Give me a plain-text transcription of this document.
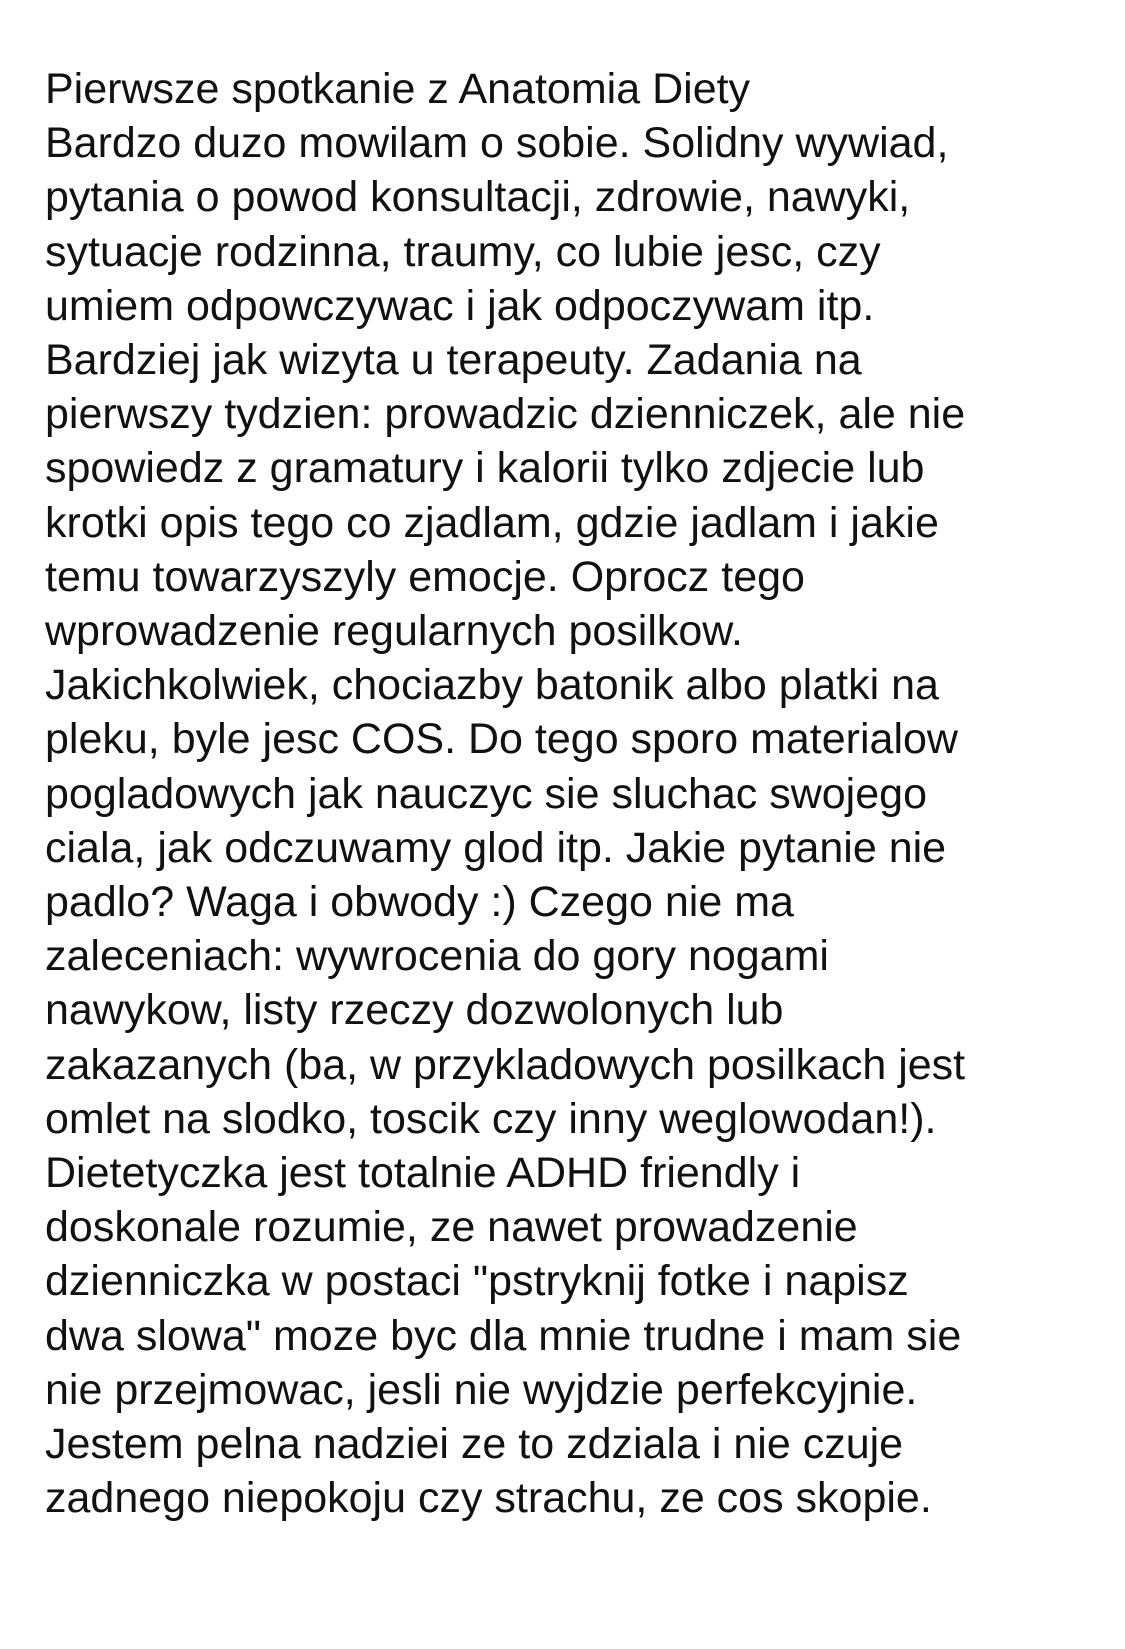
Pierwsze spotkanie z Anatomia Diety
Bardzo duzo mowilam o sobie. Solidny wywiad,
pytania o powod konsultacji, zdrowie, nawyki,
sytuacje rodzinna, traumy, co lubie jesc, czy
umiem odpowczywac i jak odpoczywam itp.
Bardziej jak wizyta u terapeuty. Zadania na
pierwszy tydzien: prowadzic dzienniczek, ale nie
spowiedz z gramatury i kalorii tylko zdjecie lub
krotki opis tego co zjadlam, gdzie jadlam i jakie
temu towarzyszyly emocje. Oprocz tego
wprowadzenie regularnych posilkow.
Jakichkolwiek, chociazby batonik albo platki na
pleku, byle jesc COS. Do tego sporo materialow
pogladowych jak nauczyc sie sluchac swojego
ciala, jak odczuwamy glod itp. Jakie pytanie nie
padlo? Waga i obwody :) Czego nie ma
zaleceniach: wywrocenia do gory nogami
nawykow, listy rzeczy dozwolonych lub
zakazanych (ba, w przykladowych posilkach jest
omlet na slodko, toscik czy inny weglowodan!).
Dietetyczka jest totalnie ADHD friendly i
doskonale rozumie, ze nawet prowadzenie
dzienniczka w postaci "pstryknij fotke i napisz
dwa slowa" moze byc dla mnie trudne i mam sie
nie przejmowac, jesli nie wyjdzie perfekcyjnie.
Jestem pelna nadziei ze to zdziala i nie czuje
zadnego niepokoju czy strachu, ze cos skopie.
